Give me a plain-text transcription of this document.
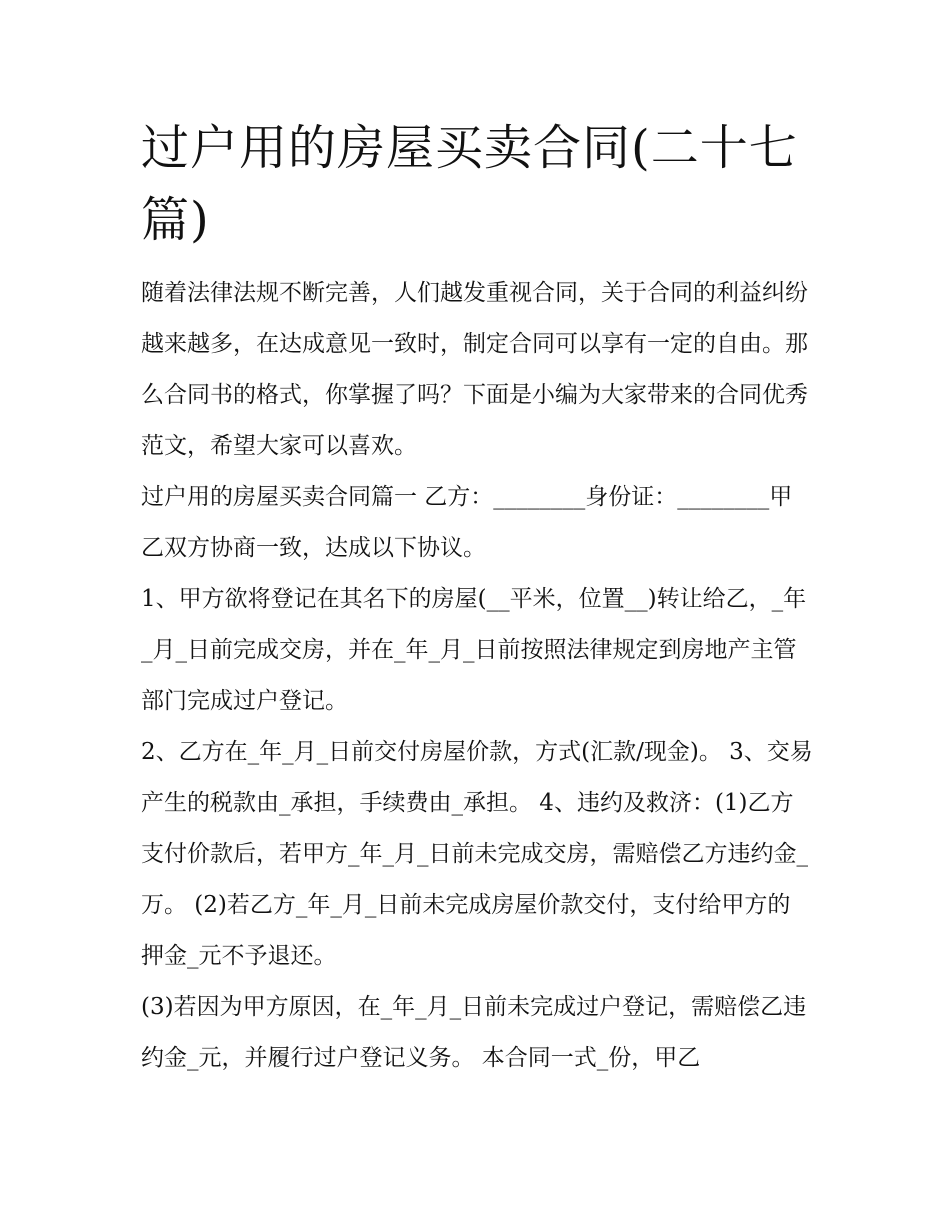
过户用的房屋买卖合同(二十七篇)

随着法律法规不断完善，人们越发重视合同，关于合同的利益纠纷越来越多，在达成意见一致时，制定合同可以享有一定的自由。那么合同书的格式，你掌握了吗？下面是小编为大家带来的合同优秀范文，希望大家可以喜欢。

过户用的房屋买卖合同篇一 乙方：________身份证：________甲乙双方协商一致，达成以下协议。

1、甲方欲将登记在其名下的房屋(__平米，位置__)转让给乙，_年_月_日前完成交房，并在_年_月_日前按照法律规定到房地产主管部门完成过户登记。

2、乙方在_年_月_日前交付房屋价款，方式(汇款/现金)。 3、交易产生的税款由_承担，手续费由_承担。 4、违约及救济：(1)乙方支付价款后，若甲方_年_月_日前未完成交房，需赔偿乙方违约金_万。 (2)若乙方_年_月_日前未完成房屋价款交付，支付给甲方的押金_元不予退还。

(3)若因为甲方原因，在_年_月_日前未完成过户登记，需赔偿乙违约金_元，并履行过户登记义务。 本合同一式_份，甲乙
